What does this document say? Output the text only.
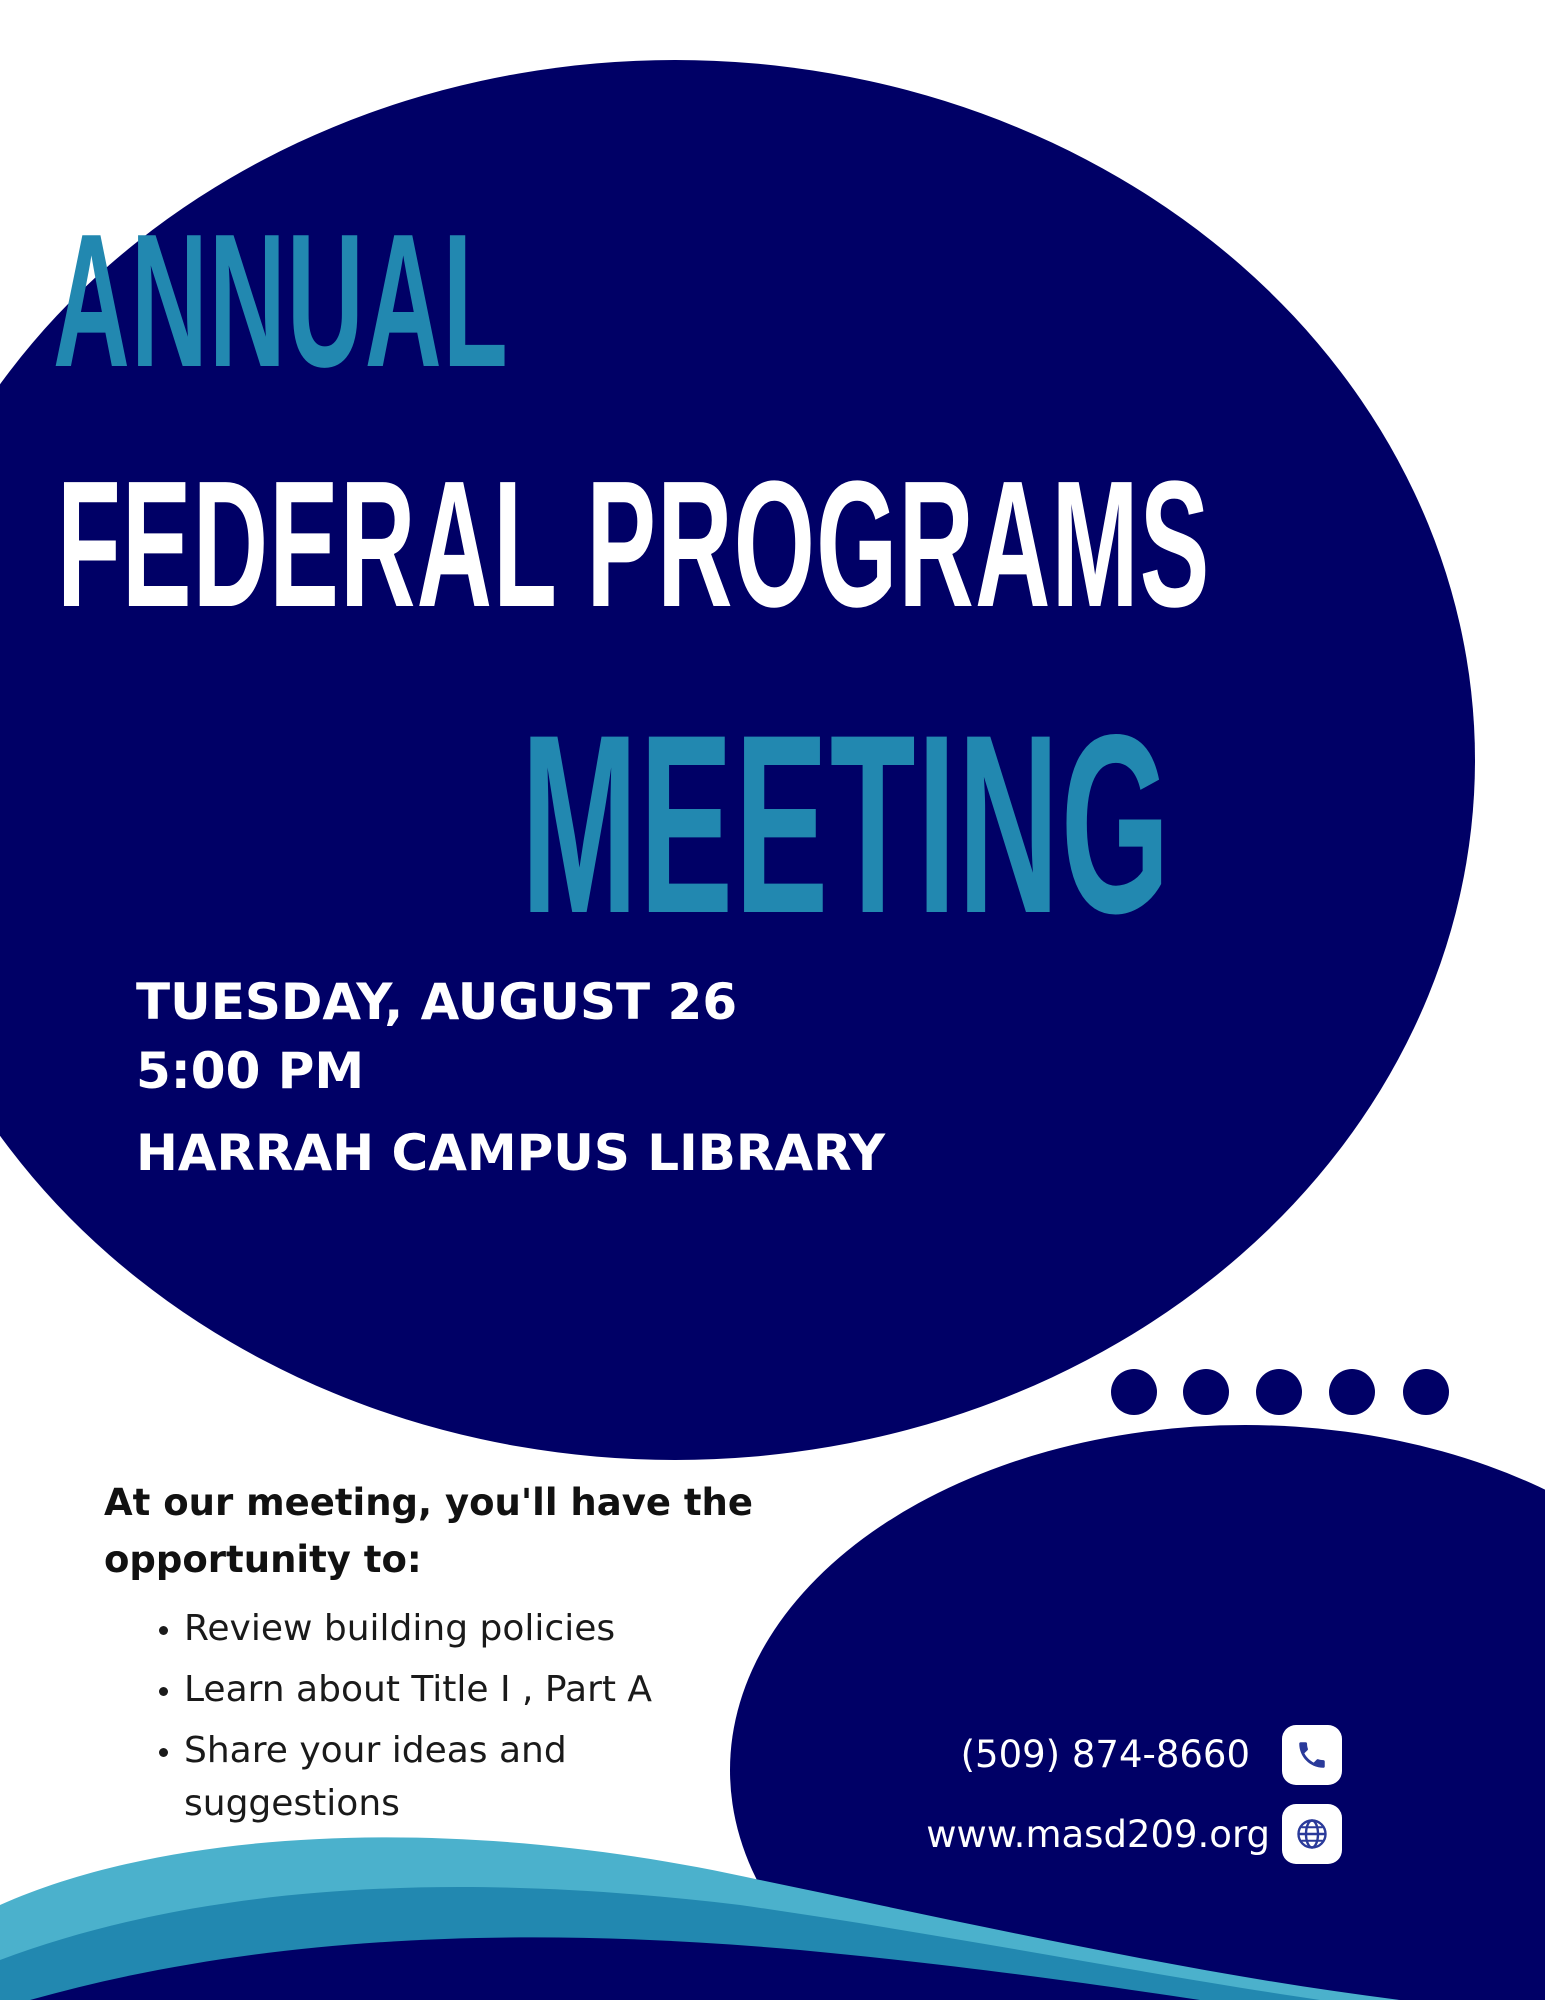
ANNUAL
FEDERAL PROGRAMS
MEETING

TUESDAY, AUGUST 26

5:00 PM

HARRAH CAMPUS LIBRARY

At our meeting, you'll have the opportunity to:

• Review building policies
• Learn about Title I , Part A
• Share your ideas and suggestions
(509) 874-8660
www.masd209.org
